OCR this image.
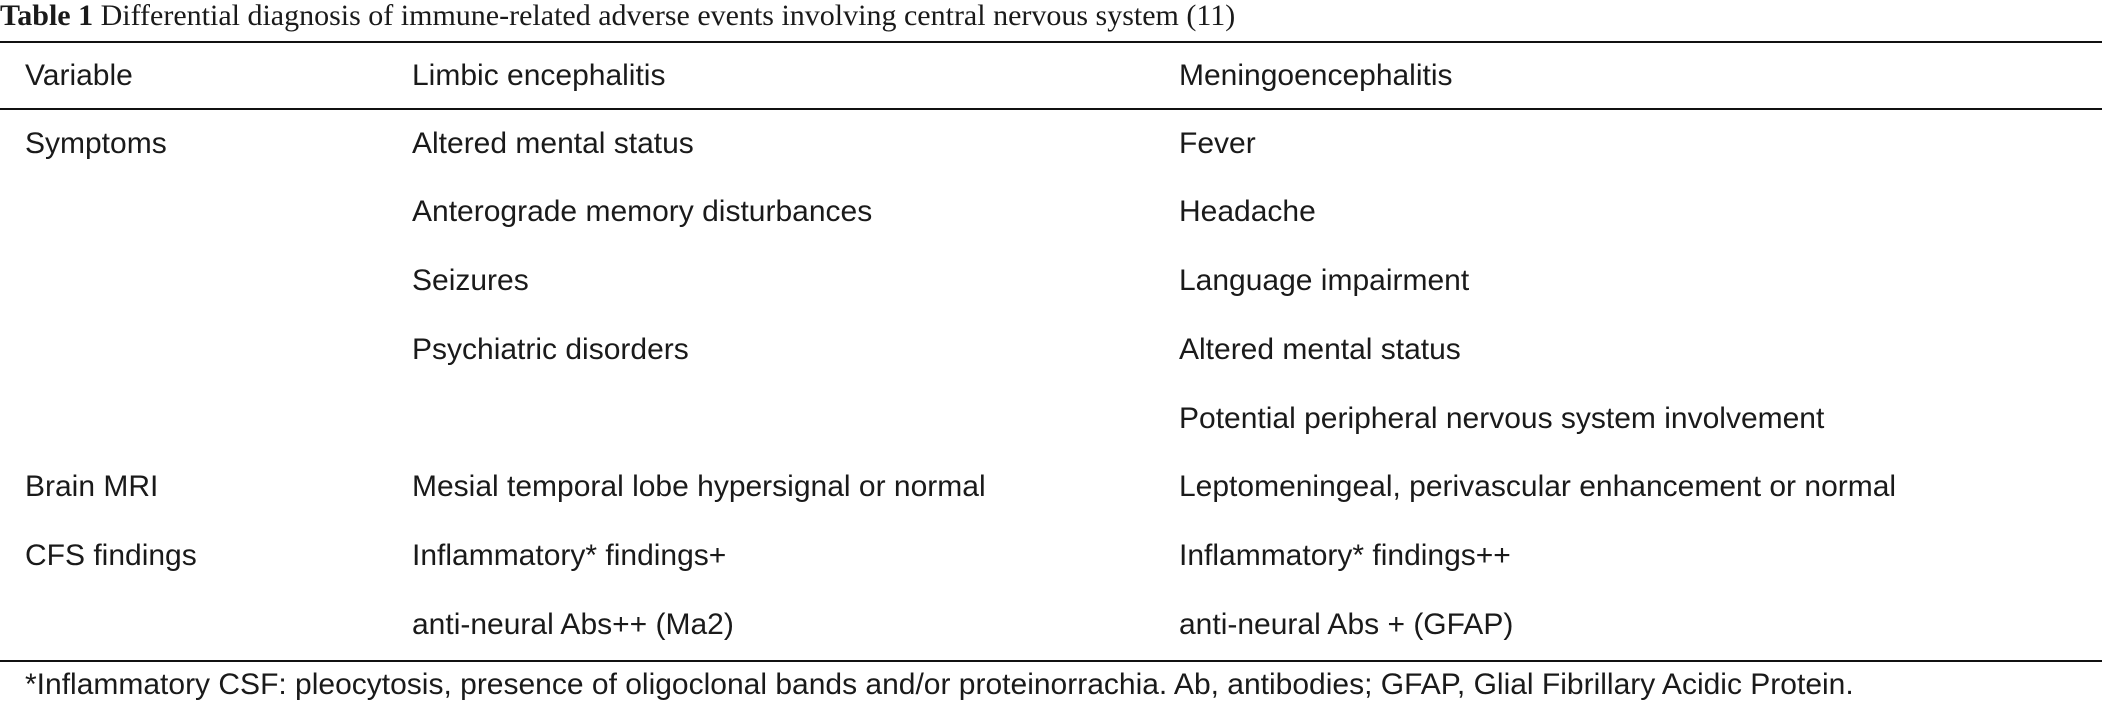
Table 1 Differential diagnosis of immune-related adverse events involving central nervous system (11)
Variable	Limbic encephalitis	Meningoencephalitis
Symptoms	Altered mental status	Fever
	Anterograde memory disturbances	Headache
	Seizures	Language impairment
	Psychiatric disorders	Altered mental status
		Potential peripheral nervous system involvement
Brain MRI	Mesial temporal lobe hypersignal or normal	Leptomeningeal, perivascular enhancement or normal
CFS findings	Inflammatory* findings+	Inflammatory* findings++
	anti-neural Abs++ (Ma2)	anti-neural Abs + (GFAP)
*Inflammatory CSF: pleocytosis, presence of oligoclonal bands and/or proteinorrachia. Ab, antibodies; GFAP, Glial Fibrillary Acidic Protein.
